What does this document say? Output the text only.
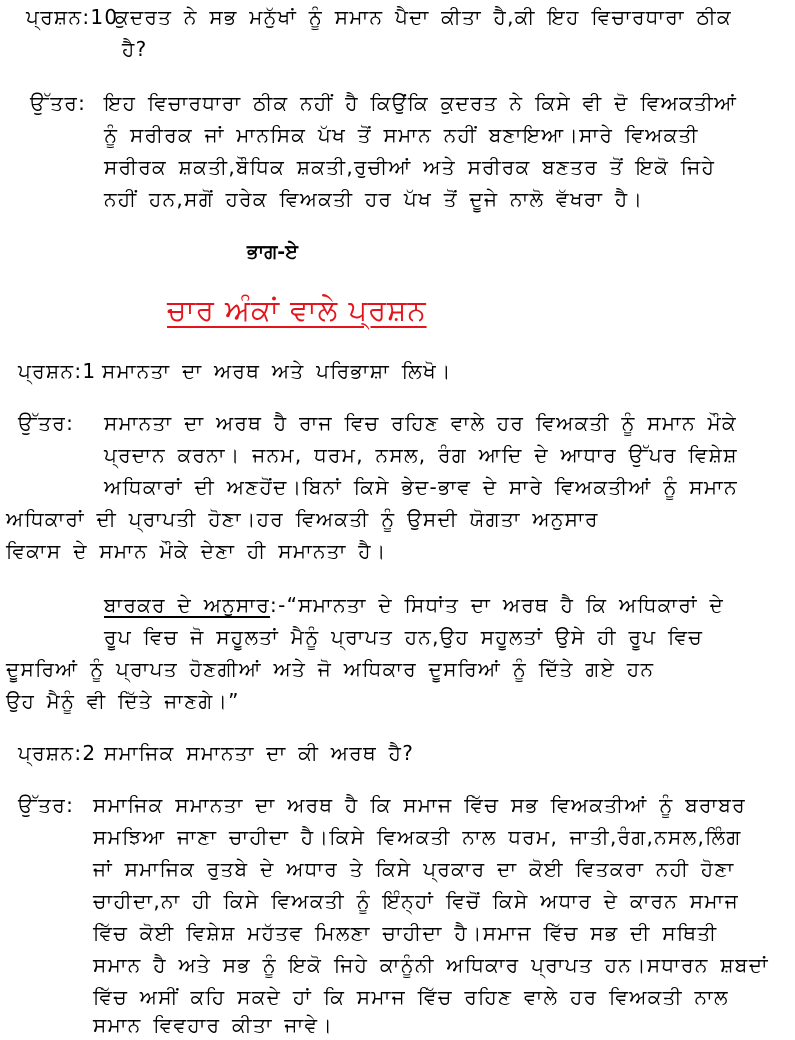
ਪ੍ਰਸ਼ਨ:10
ਕੁਦਰਤ ਨੇ ਸਭ ਮਨੁੱਖਾਂ ਨੂੰ ਸਮਾਨ ਪੈਦਾ ਕੀਤਾ ਹੈ,ਕੀ ਇਹ ਵਿਚਾਰਧਾਰਾ ਠੀਕ
ਹੈ?
ਉੱਤਰ: ਇਹ ਵਿਚਾਰਧਾਰਾ ਠੀਕ ਨਹੀਂ ਹੈ ਕਿਉਂਕਿ ਕੁਦਰਤ ਨੇ ਕਿਸੇ ਵੀ ਦੋ ਵਿਅਕਤੀਆਂ
ਨੂੰ ਸਰੀਰਕ ਜਾਂ ਮਾਨਸਿਕ ਪੱਖ ਤੋਂ ਸਮਾਨ ਨਹੀਂ ਬਣਾਇਆ।ਸਾਰੇ ਵਿਅਕਤੀ
ਸਰੀਰਕ ਸ਼ਕਤੀ,ਬੌਧਿਕ ਸ਼ਕਤੀ,ਰੁਚੀਆਂ ਅਤੇ ਸਰੀਰਕ ਬਣਤਰ ਤੋਂ ਇਕੋ ਜਿਹੇ
ਨਹੀਂ ਹਨ,ਸਗੋਂ ਹਰੇਕ ਵਿਅਕਤੀ ਹਰ ਪੱਖ ਤੋਂ ਦੂਜੇ ਨਾਲੋ ਵੱਖਰਾ ਹੈ।
ਭਾਗ-ਏ
ਚਾਰ ਅੰਕਾਂ ਵਾਲੇ ਪ੍ਰਸ਼ਨ
ਪ੍ਰਸ਼ਨ:1 ਸਮਾਨਤਾ ਦਾ ਅਰਥ ਅਤੇ ਪਰਿਭਾਸ਼ਾ ਲਿਖੋ।
ਉੱਤਰ: ਸਮਾਨਤਾ ਦਾ ਅਰਥ ਹੈ ਰਾਜ ਵਿਚ ਰਹਿਣ ਵਾਲੇ ਹਰ ਵਿਅਕਤੀ ਨੂੰ ਸਮਾਨ ਮੌਕੇ
ਪ੍ਰਦਾਨ ਕਰਨਾ। ਜਨਮ, ਧਰਮ, ਨਸਲ, ਰੰਗ ਆਦਿ ਦੇ ਆਧਾਰ ਉੱਪਰ ਵਿਸ਼ੇਸ਼
ਅਧਿਕਾਰਾਂ ਦੀ ਅਣਹੋਂਦ।ਬਿਨਾਂ ਕਿਸੇ ਭੇਦ-ਭਾਵ ਦੇ ਸਾਰੇ ਵਿਅਕਤੀਆਂ ਨੂੰ ਸਮਾਨ
ਅਧਿਕਾਰਾਂ ਦੀ ਪ੍ਰਾਪਤੀ ਹੋਣਾ।ਹਰ ਵਿਅਕਤੀ ਨੂੰ ਉਸਦੀ ਯੋਗਤਾ ਅਨੁਸਾਰ
ਵਿਕਾਸ ਦੇ ਸਮਾਨ ਮੌਕੇ ਦੇਣਾ ਹੀ ਸਮਾਨਤਾ ਹੈ।
ਬਾਰਕਰ ਦੇ ਅਨੁਸਾਰ:-“ਸਮਾਨਤਾ ਦੇ ਸਿਧਾਂਤ ਦਾ ਅਰਥ ਹੈ ਕਿ ਅਧਿਕਾਰਾਂ ਦੇ
ਰੂਪ ਵਿਚ ਜੋ ਸਹੂਲਤਾਂ ਮੈਨੂੰ ਪ੍ਰਾਪਤ ਹਨ,ਉਹ ਸਹੂਲਤਾਂ ਉਸੇ ਹੀ ਰੂਪ ਵਿਚ
ਦੂਸਰਿਆਂ ਨੂੰ ਪ੍ਰਾਪਤ ਹੋਣਗੀਆਂ ਅਤੇ ਜੋ ਅਧਿਕਾਰ ਦੂਸਰਿਆਂ ਨੂੰ ਦਿੱਤੇ ਗਏ ਹਨ
ਉਹ ਮੈਨੂੰ ਵੀ ਦਿੱਤੇ ਜਾਣਗੇ।”
ਪ੍ਰਸ਼ਨ:2 ਸਮਾਜਿਕ ਸਮਾਨਤਾ ਦਾ ਕੀ ਅਰਥ ਹੈ?
ਉੱਤਰ: ਸਮਾਜਿਕ ਸਮਾਨਤਾ ਦਾ ਅਰਥ ਹੈ ਕਿ ਸਮਾਜ ਵਿੱਚ ਸਭ ਵਿਅਕਤੀਆਂ ਨੂੰ ਬਰਾਬਰ
ਸਮਝਿਆ ਜਾਣਾ ਚਾਹੀਦਾ ਹੈ।ਕਿਸੇ ਵਿਅਕਤੀ ਨਾਲ ਧਰਮ, ਜਾਤੀ,ਰੰਗ,ਨਸਲ,ਲਿੰਗ
ਜਾਂ ਸਮਾਜਿਕ ਰੁਤਬੇ ਦੇ ਅਧਾਰ ਤੇ ਕਿਸੇ ਪ੍ਰਕਾਰ ਦਾ ਕੋਈ ਵਿਤਕਰਾ ਨਹੀ ਹੋਣਾ
ਚਾਹੀਦਾ,ਨਾ ਹੀ ਕਿਸੇ ਵਿਅਕਤੀ ਨੂੰ ਇੰਨ੍ਹਾਂ ਵਿਚੋਂ ਕਿਸੇ ਅਧਾਰ ਦੇ ਕਾਰਨ ਸਮਾਜ
ਵਿੱਚ ਕੋਈ ਵਿਸ਼ੇਸ਼ ਮਹੱਤਵ ਮਿਲਣਾ ਚਾਹੀਦਾ ਹੈ।ਸਮਾਜ ਵਿੱਚ ਸਭ ਦੀ ਸਥਿਤੀ
ਸਮਾਨ ਹੈ ਅਤੇ ਸਭ ਨੂੰ ਇਕੋ ਜਿਹੇ ਕਾਨੂੰਨੀ ਅਧਿਕਾਰ ਪ੍ਰਾਪਤ ਹਨ।ਸਧਾਰਨ ਸ਼ਬਦਾਂ
ਵਿੱਚ ਅਸੀਂ ਕਹਿ ਸਕਦੇ ਹਾਂ ਕਿ ਸਮਾਜ ਵਿੱਚ ਰਹਿਣ ਵਾਲੇ ਹਰ ਵਿਅਕਤੀ ਨਾਲ
ਸਮਾਨ ਵਿਵਹਾਰ ਕੀਤਾ ਜਾਵੇ।
